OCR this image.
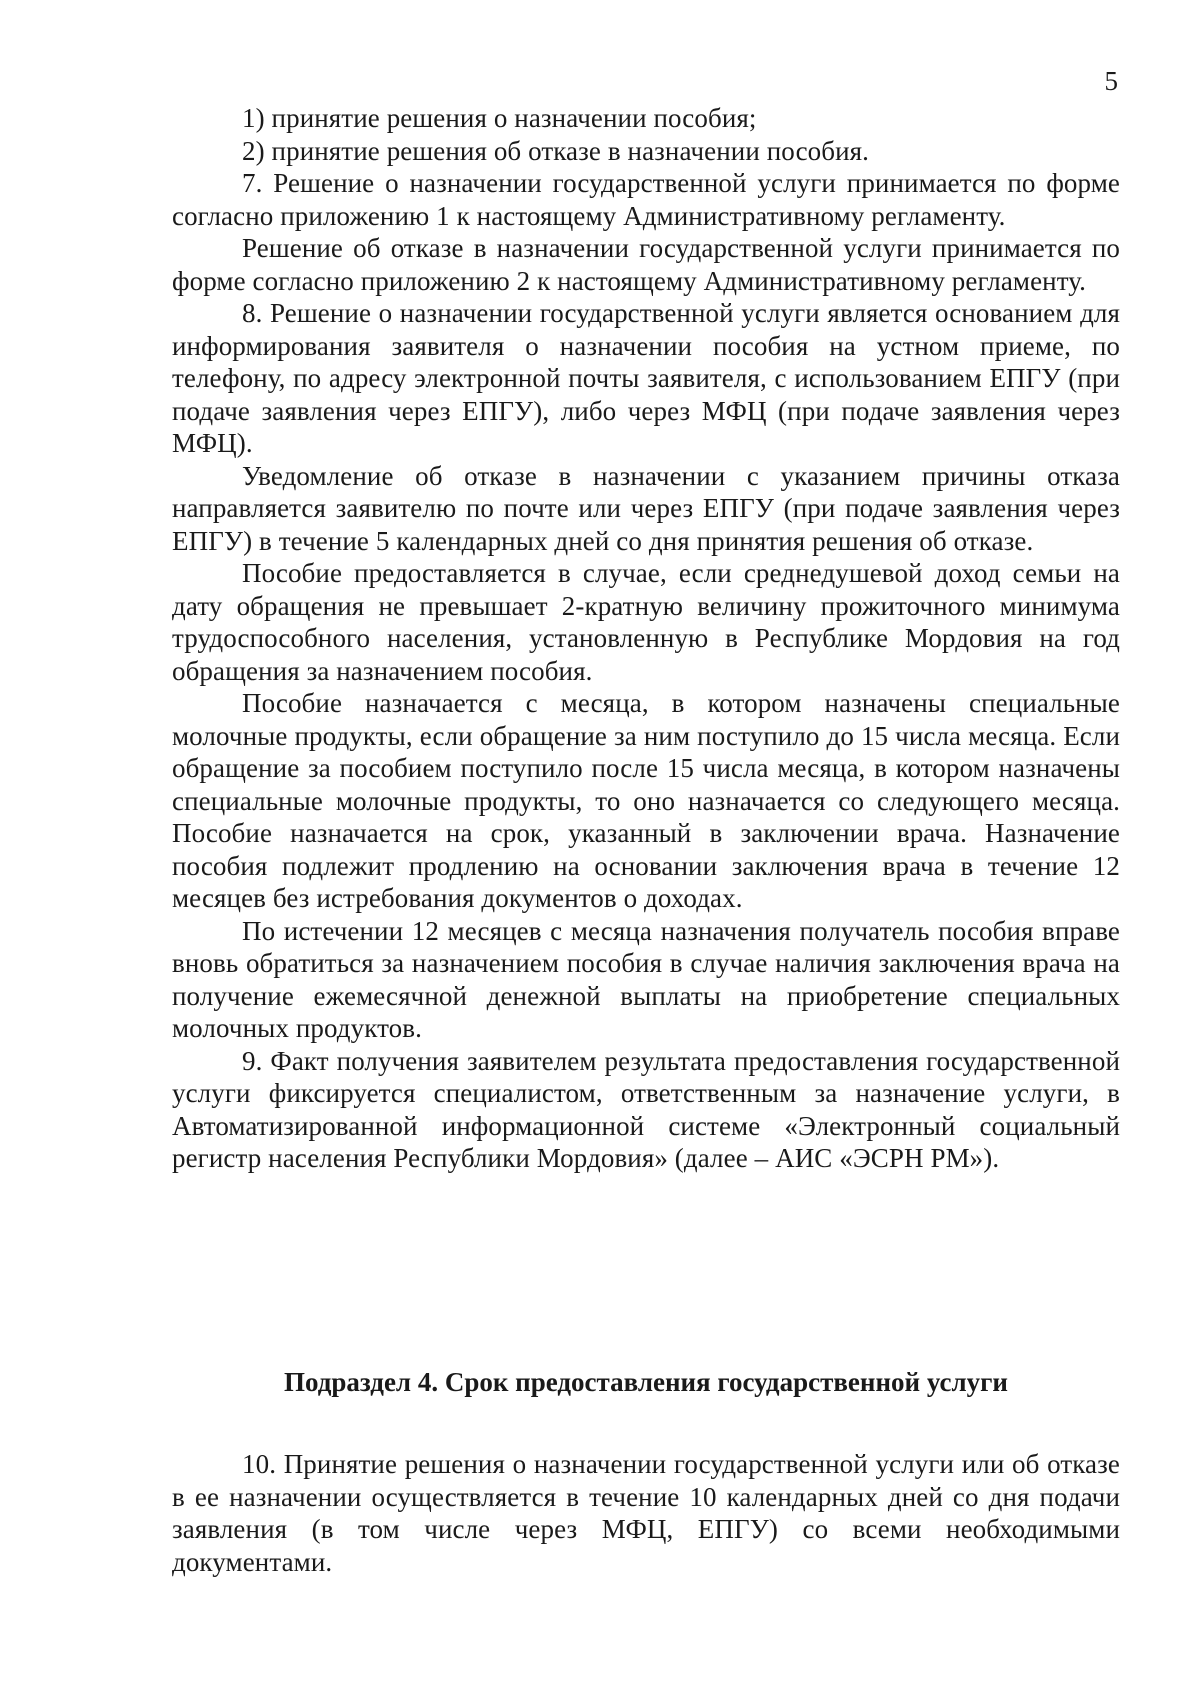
5

1) принятие решения о назначении пособия;

2) принятие решения об отказе в назначении пособия.

7. Решение о назначении государственной услуги принимается по форме согласно приложению 1 к настоящему Административному регламенту.

Решение об отказе в назначении государственной услуги принимается по форме согласно приложению 2 к настоящему Административному регламенту.

8. Решение о назначении государственной услуги является основанием для информирования заявителя о назначении пособия на устном приеме, по телефону, по адресу электронной почты заявителя, с использованием ЕПГУ (при подаче заявления через ЕПГУ), либо через МФЦ (при подаче заявления через МФЦ).

Уведомление об отказе в назначении с указанием причины отказа направляется заявителю по почте или через ЕПГУ (при подаче заявления через ЕПГУ) в течение 5 календарных дней со дня принятия решения об отказе.

Пособие предоставляется в случае, если среднедушевой доход семьи на дату обращения не превышает 2-кратную величину прожиточного минимума трудоспособного населения, установленную в Республике Мордовия на год обращения за назначением пособия.

Пособие назначается с месяца, в котором назначены специальные молочные продукты, если обращение за ним поступило до 15 числа месяца. Если обращение за пособием поступило после 15 числа месяца, в котором назначены специальные молочные продукты, то оно назначается со следующего месяца. Пособие назначается на срок, указанный в заключении врача. Назначение пособия подлежит продлению на основании заключения врача в течение 12 месяцев без истребования документов о доходах.

По истечении 12 месяцев с месяца назначения получатель пособия вправе вновь обратиться за назначением пособия в случае наличия заключения врача на получение ежемесячной денежной выплаты на приобретение специальных молочных продуктов.

9. Факт получения заявителем результата предоставления государственной услуги фиксируется специалистом, ответственным за назначение услуги, в Автоматизированной информационной системе «Электронный социальный регистр населения Республики Мордовия» (далее – АИС «ЭСРН РМ»).

Подраздел 4. Срок предоставления государственной услуги

10. Принятие решения о назначении государственной услуги или об отказе в ее назначении осуществляется в течение 10 календарных дней со дня подачи заявления (в том числе через МФЦ, ЕПГУ) со всеми необходимыми документами.
